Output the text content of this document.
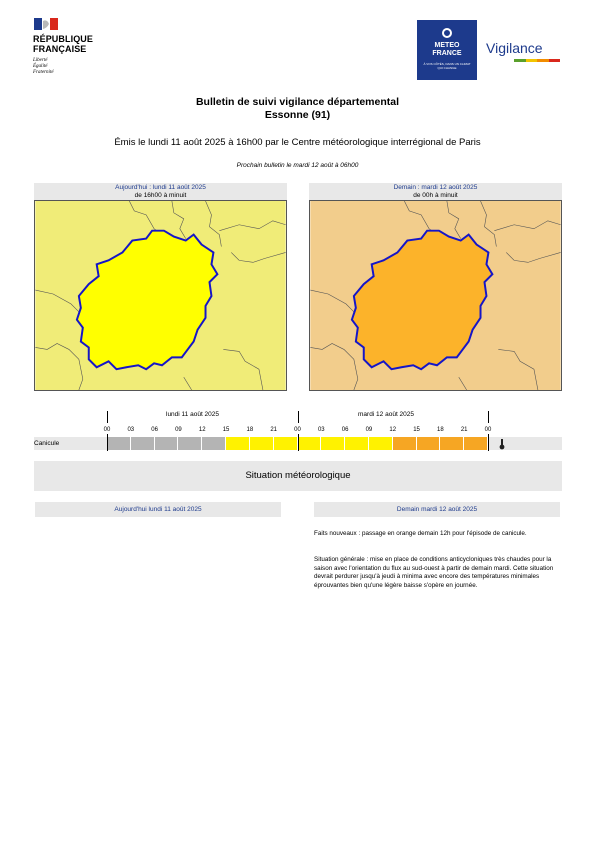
RÉPUBLIQUE
FRANÇAISE
Liberté
Égalité
Fraternité
METEO
FRANCE
À VOS CÔTÉS, DANS UN CLIMAT QUI CHANGE
Vigilance
Bulletin de suivi vigilance départemental
Essonne (91)
Émis le lundi 11 août 2025 à 16h00 par le Centre météorologique interrégional de Paris
Prochain bulletin le mardi 12 août à 06h00
Aujourd'hui : lundi 11 août 2025
de 16h00 à minuit
Demain : mardi 12 août 2025
de 00h à minuit
lundi 11 août 2025	mardi 12 août 2025
00	03	06	09	12	15	18	21	00	03	06	09	12	15	18	21	00
Canicule
Situation météorologique
Aujourd'hui lundi 11 août 2025	Demain mardi 12 août 2025
Faits nouveaux : passage en orange demain 12h pour l'épisode de canicule.
Situation générale : mise en place de conditions anticycloniques très chaudes pour la saison avec l'orientation du flux au sud-ouest à partir de demain mardi. Cette situation devrait perdurer jusqu'à jeudi à minima avec encore des températures minimales éprouvantes bien qu'une légère baisse s'opère en journée.
